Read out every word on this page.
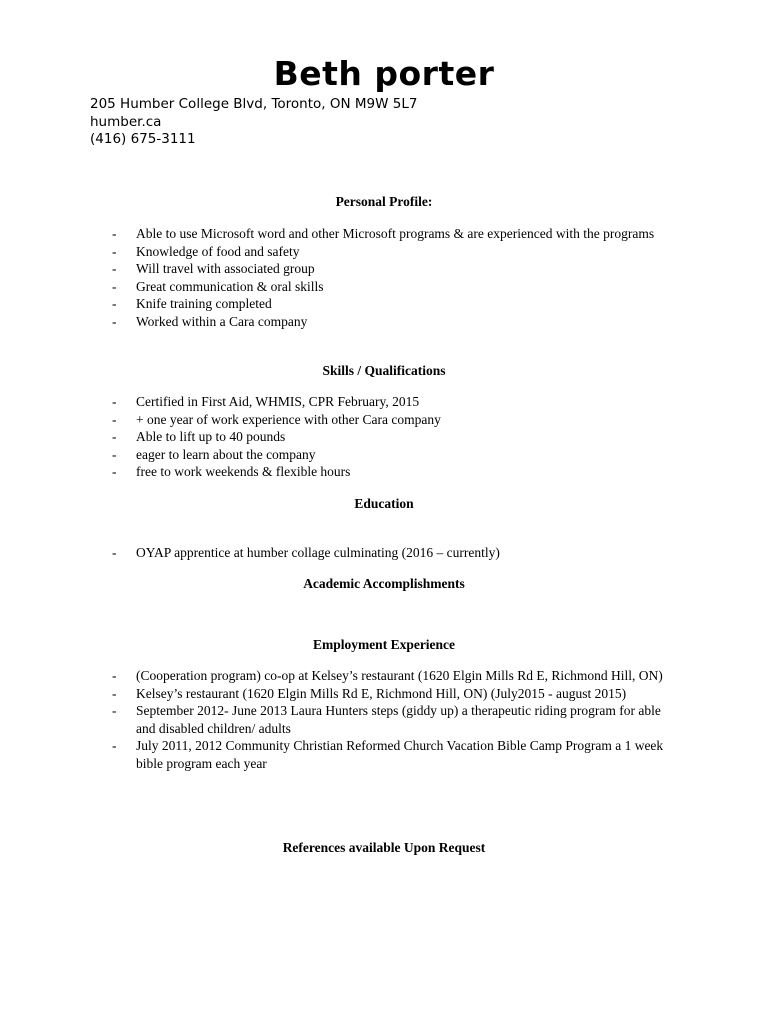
Beth porter
205 Humber College Blvd, Toronto, ON M9W 5L7
humber.ca
(416) 675-3111
Personal Profile:
- Able to use Microsoft word and other Microsoft programs & are experienced with the programs
- Knowledge of food and safety
- Will travel with associated group
- Great communication & oral skills
- Knife training completed
- Worked within a Cara company
Skills / Qualifications
- Certified in First Aid, WHMIS, CPR February, 2015
- + one year of work experience with other Cara company
- Able to lift up to 40 pounds
- eager to learn about the company
- free to work weekends & flexible hours
Education
- OYAP apprentice at humber collage culminating (2016 – currently)
Academic Accomplishments
Employment Experience
- (Cooperation program) co-op at Kelsey’s restaurant (1620 Elgin Mills Rd E, Richmond Hill, ON)
- Kelsey’s restaurant (1620 Elgin Mills Rd E, Richmond Hill, ON) (July2015 - august 2015)
- September 2012- June 2013 Laura Hunters steps (giddy up) a therapeutic riding program for able and disabled children/ adults
- July 2011, 2012 Community Christian Reformed Church Vacation Bible Camp Program a 1 week bible program each year
References available Upon Request
